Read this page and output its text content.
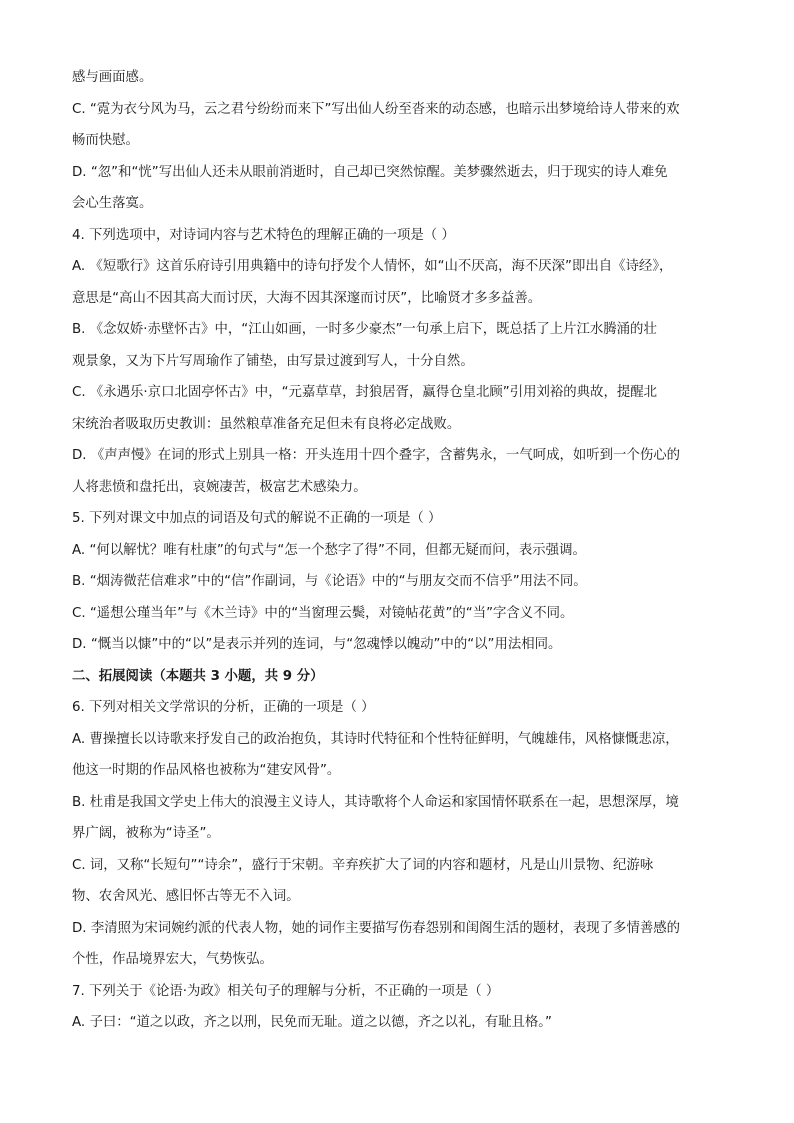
感与画面感。
C. “霓为衣兮风为马，云之君兮纷纷而来下”写出仙人纷至沓来的动态感，也暗示出梦境给诗人带来的欢
畅而快慰。
D. “忽”和“恍”写出仙人还未从眼前消逝时，自己却已突然惊醒。美梦骤然逝去，归于现实的诗人难免
会心生落寞。
4. 下列选项中，对诗词内容与艺术特色的理解正确的一项是（ ）
A. 《短歌行》这首乐府诗引用典籍中的诗句抒发个人情怀，如“山不厌高，海不厌深”即出自《诗经》，
意思是“高山不因其高大而讨厌，大海不因其深邃而讨厌”，比喻贤才多多益善。
B. 《念奴娇·赤壁怀古》中，“江山如画，一时多少豪杰”一句承上启下，既总括了上片江水腾涌的壮
观景象，又为下片写周瑜作了铺垫，由写景过渡到写人，十分自然。
C. 《永遇乐·京口北固亭怀古》中，“元嘉草草，封狼居胥，赢得仓皇北顾”引用刘裕的典故，提醒北
宋统治者吸取历史教训：虽然粮草准备充足但未有良将必定战败。
D. 《声声慢》在词的形式上别具一格：开头连用十四个叠字，含蓄隽永，一气呵成，如听到一个伤心的
人将悲愤和盘托出，哀婉凄苦，极富艺术感染力。
5. 下列对课文中加点的词语及句式的解说不正确的一项是（ ）
A. “何以解忧？唯有杜康”的句式与“怎一个愁字了得”不同，但都无疑而问，表示强调。
B. “烟涛微茫信难求”中的“信”作副词，与《论语》中的“与朋友交而不信乎”用法不同。
C. “遥想公瑾当年”与《木兰诗》中的“当窗理云鬓，对镜帖花黄”的“当”字含义不同。
D. “慨当以慷”中的“以”是表示并列的连词，与“忽魂悸以魄动”中的“以”用法相同。
二、拓展阅读（本题共 3 小题，共 9 分）
6. 下列对相关文学常识的分析，正确的一项是（ ）
A. 曹操擅长以诗歌来抒发自己的政治抱负，其诗时代特征和个性特征鲜明，气魄雄伟，风格慷慨悲凉，
他这一时期的作品风格也被称为“建安风骨”。
B. 杜甫是我国文学史上伟大的浪漫主义诗人，其诗歌将个人命运和家国情怀联系在一起，思想深厚，境
界广阔，被称为“诗圣”。
C. 词，又称“长短句”“诗余”，盛行于宋朝。辛弃疾扩大了词的内容和题材，凡是山川景物、纪游咏
物、农舍风光、感旧怀古等无不入词。
D. 李清照为宋词婉约派的代表人物，她的词作主要描写伤春怨别和闺阁生活的题材，表现了多情善感的
个性，作品境界宏大，气势恢弘。
7. 下列关于《论语·为政》相关句子的理解与分析，不正确的一项是（ ）
A. 子曰：“道之以政，齐之以刑，民免而无耻。道之以德，齐之以礼，有耻且格。”
